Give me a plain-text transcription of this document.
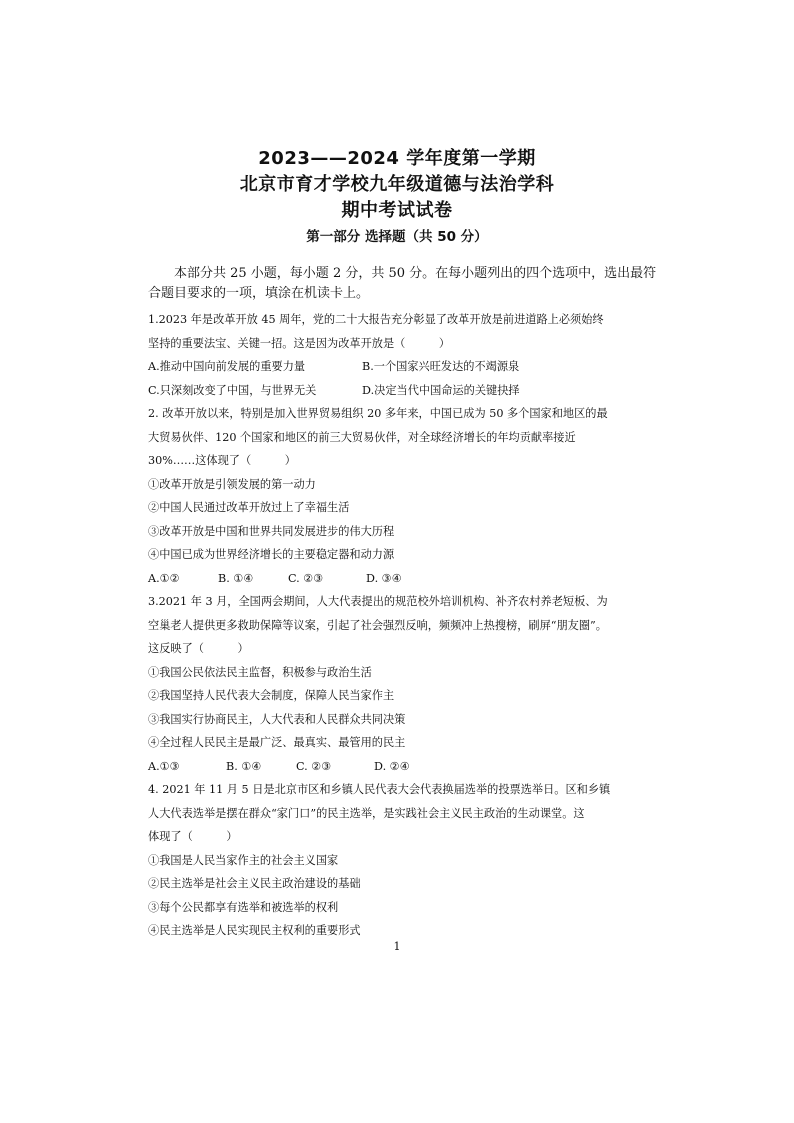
2023——2024 学年度第一学期
北京市育才学校九年级道德与法治学科
期中考试试卷
第一部分 选择题（共 50 分）

本部分共 25 小题，每小题 2 分，共 50 分。在每小题列出的四个选项中，选出最符合题目要求的一项，填涂在机读卡上。

1.2023 年是改革开放 45 周年，党的二十大报告充分彰显了改革开放是前进道路上必须始终
坚持的重要法宝、关键一招。这是因为改革开放是（　　　）
A.推动中国向前发展的重要力量	B.一个国家兴旺发达的不竭源泉
C.只深刻改变了中国，与世界无关	D.决定当代中国命运的关键抉择
2. 改革开放以来，特别是加入世界贸易组织 20 多年来，中国已成为 50 多个国家和地区的最
大贸易伙伴、120 个国家和地区的前三大贸易伙伴，对全球经济增长的年均贡献率接近
30%……这体现了（　　　）
①改革开放是引领发展的第一动力
②中国人民通过改革开放过上了幸福生活
③改革开放是中国和世界共同发展进步的伟大历程
④中国已成为世界经济增长的主要稳定器和动力源
A.①②	B. ①④	C. ②③	D. ③④
3.2021 年 3 月，全国两会期间，人大代表提出的规范校外培训机构、补齐农村养老短板、为
空巢老人提供更多救助保障等议案，引起了社会强烈反响，频频冲上热搜榜，刷屏“朋友圈”。
这反映了（　　　）
①我国公民依法民主监督，积极参与政治生活
②我国坚持人民代表大会制度，保障人民当家作主
③我国实行协商民主，人大代表和人民群众共同决策
④全过程人民民主是最广泛、最真实、最管用的民主
A.①③	B. ①④	C. ②③	D. ②④
4. 2021 年 11 月 5 日是北京市区和乡镇人民代表大会代表换届选举的投票选举日。区和乡镇
人大代表选举是摆在群众“家门口”的民主选举，是实践社会主义民主政治的生动课堂。这
体现了（　　　）
①我国是人民当家作主的社会主义国家
②民主选举是社会主义民主政治建设的基础
③每个公民都享有选举和被选举的权利
④民主选举是人民实现民主权利的重要形式
1
